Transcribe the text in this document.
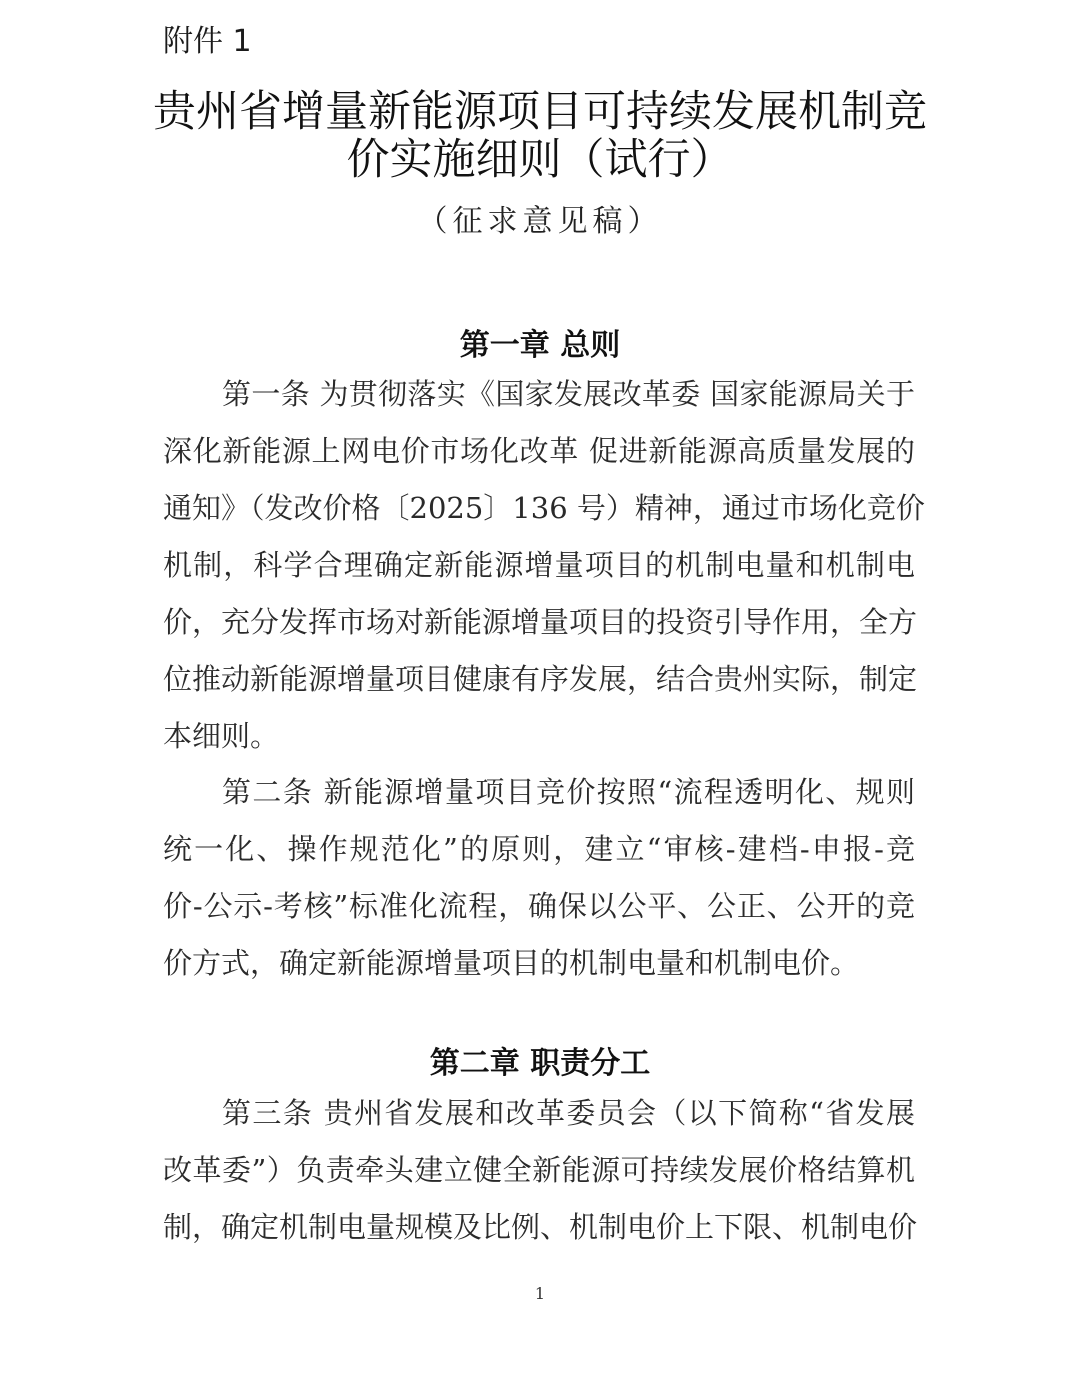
附件 1
贵州省增量新能源项目可持续发展机制竞
价实施细则（试行）
（征求意见稿）
第一章 总则
第一条 为贯彻落实《国家发展改革委 国家能源局关于
深化新能源上网电价市场化改革 促进新能源高质量发展的
通知》（发改价格〔2025〕136 号）精神，通过市场化竞价
机制，科学合理确定新能源增量项目的机制电量和机制电
价，充分发挥市场对新能源增量项目的投资引导作用，全方
位推动新能源增量项目健康有序发展，结合贵州实际，制定
本细则。
第二条 新能源增量项目竞价按照“流程透明化、规则
统一化、操作规范化”的原则，建立“审核-建档-申报-竞
价-公示-考核”标准化流程，确保以公平、公正、公开的竞
价方式，确定新能源增量项目的机制电量和机制电价。
第二章 职责分工
第三条 贵州省发展和改革委员会（以下简称“省发展
改革委”）负责牵头建立健全新能源可持续发展价格结算机
制，确定机制电量规模及比例、机制电价上下限、机制电价
1
